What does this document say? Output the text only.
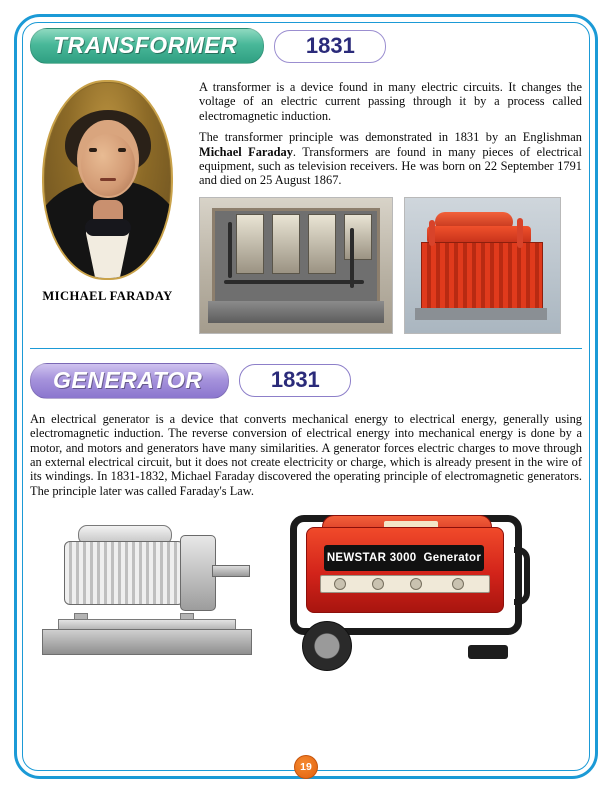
TRANSFORMER	1831
MICHAEL FARADAY

A transformer is a device found in many electric circuits. It changes the voltage of an electric current passing through it by a process called electromagnetic induction.

The transformer principle was demonstrated in 1831 by an Englishman Michael Faraday. Transformers are found in many pieces of electrical equipment, such as television receivers. He was born on 22 September 1791 and died on 25 August 1867.

GENERATOR	1831

An electrical generator is a device that converts mechanical energy to electrical energy, generally using electromagnetic induction. The reverse conversion of electrical energy into mechanical energy is done by a motor, and motors and generators have many similarities. A generator forces electric charges to move through an external electrical circuit, but it does not create electricity or charge, which is already present in the wire of its windings. In 1831-1832, Michael Faraday discovered the operating principle of electromagnetic generators. The principle later was called Faraday's Law.

NEWSTAR 3000 Generator
19
